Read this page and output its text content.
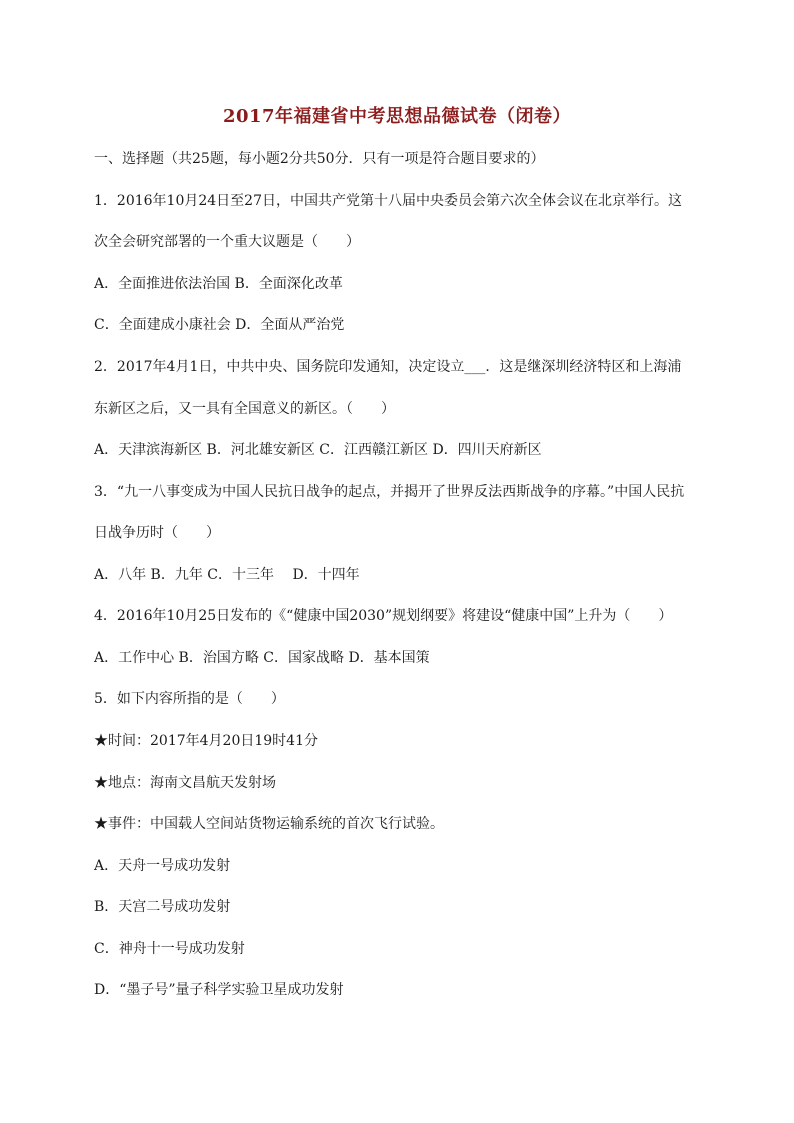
2017年福建省中考思想品德试卷（闭卷）
一、选择题（共25题，每小题2分共50分．只有一项是符合题目要求的）
1．2016年10月24日至27日，中国共产党第十八届中央委员会第六次全体会议在北京举行。这
次全会研究部署的一个重大议题是（　　）
A．全面推进依法治国 B．全面深化改革
C．全面建成小康社会 D．全面从严治党
2．2017年4月1日，中共中央、国务院印发通知，决定设立___．这是继深圳经济特区和上海浦
东新区之后，又一具有全国意义的新区。（　　）
A．天津滨海新区 B．河北雄安新区 C．江西赣江新区 D．四川天府新区
3．“九一八事变成为中国人民抗日战争的起点，并揭开了世界反法西斯战争的序幕。”中国人民抗
日战争历时（　　）
A．八年 B．九年 C．十三年　 D．十四年
4．2016年10月25日发布的《“健康中国2030”规划纲要》将建设“健康中国”上升为（　　）
A．工作中心 B．治国方略 C．国家战略 D．基本国策
5．如下内容所指的是（　　）
★时间：2017年4月20日19时41分
★地点：海南文昌航天发射场
★事件：中国载人空间站货物运输系统的首次飞行试验。
A．天舟一号成功发射
B．天宫二号成功发射
C．神舟十一号成功发射
D．“墨子号”量子科学实验卫星成功发射
